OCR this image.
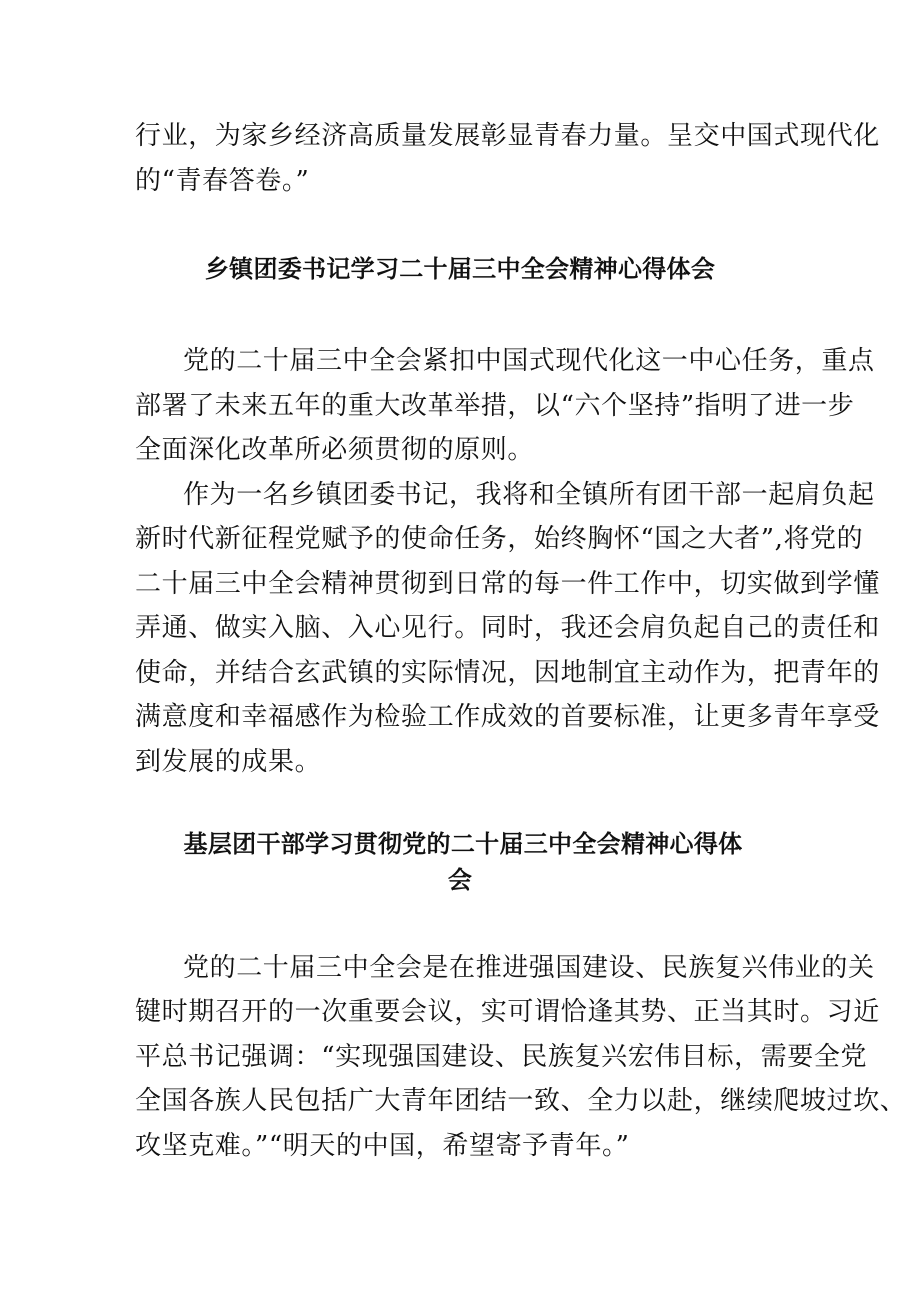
行业，为家乡经济高质量发展彰显青春力量。呈交中国式现代化
的“青春答卷。”
乡镇团委书记学习二十届三中全会精神心得体会
党的二十届三中全会紧扣中国式现代化这一中心任务，重点
部署了未来五年的重大改革举措，以“六个坚持”指明了进一步
全面深化改革所必须贯彻的原则。
作为一名乡镇团委书记，我将和全镇所有团干部一起肩负起
新时代新征程党赋予的使命任务，始终胸怀“国之大者”,将党的
二十届三中全会精神贯彻到日常的每一件工作中，切实做到学懂
弄通、做实入脑、入心见行。同时，我还会肩负起自己的责任和
使命，并结合玄武镇的实际情况，因地制宜主动作为，把青年的
满意度和幸福感作为检验工作成效的首要标准，让更多青年享受
到发展的成果。
基层团干部学习贯彻党的二十届三中全会精神心得体
会
党的二十届三中全会是在推进强国建设、民族复兴伟业的关
键时期召开的一次重要会议，实可谓恰逢其势、正当其时。习近
平总书记强调：“实现强国建设、民族复兴宏伟目标，需要全党
全国各族人民包括广大青年团结一致、全力以赴，继续爬坡过坎、
攻坚克难。”“明天的中国，希望寄予青年。”
